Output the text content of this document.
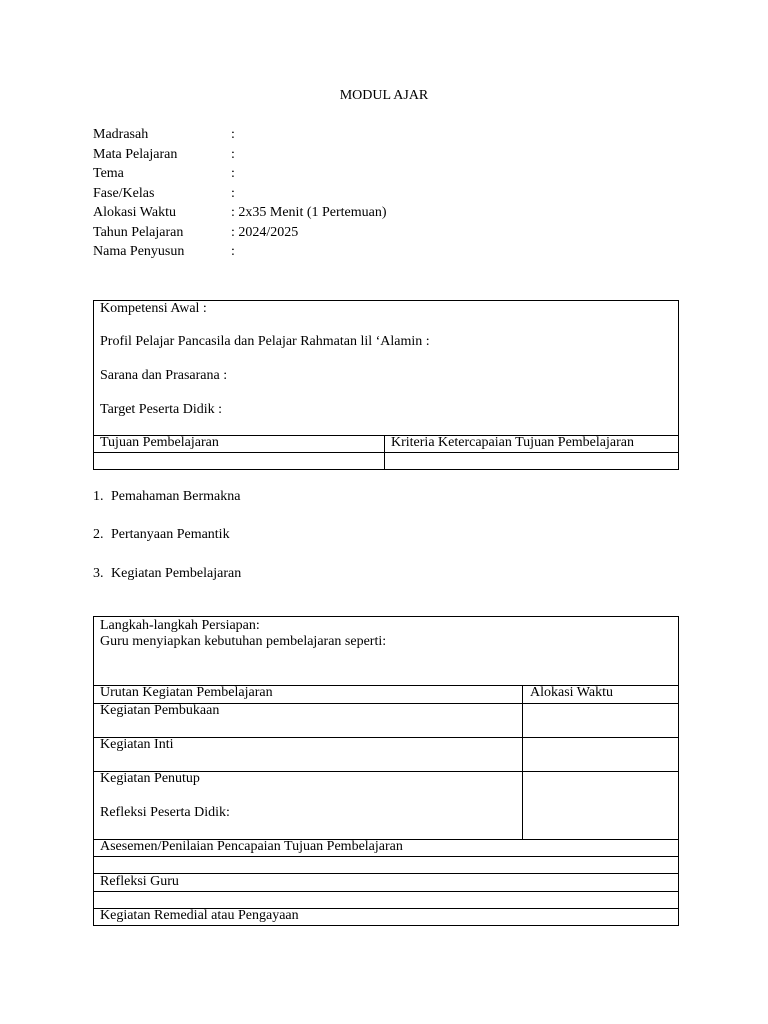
MODUL AJAR
Madrasah	:
Mata Pelajaran	:
Tema	:
Fase/Kelas	:
Alokasi Waktu	: 2x35 Menit (1 Pertemuan)
Tahun Pelajaran	: 2024/2025
Nama Penyusun	:
Kompetensi Awal :
Profil Pelajar Pancasila dan Pelajar Rahmatan lil ‘Alamin :
Sarana dan Prasarana :
Target Peserta Didik :
Tujuan Pembelajaran	Kriteria Ketercapaian Tujuan Pembelajaran
1. Pemahaman Bermakna
2. Pertanyaan Pemantik
3. Kegiatan Pembelajaran
Langkah-langkah Persiapan:
Guru menyiapkan kebutuhan pembelajaran seperti:
Urutan Kegiatan Pembelajaran	Alokasi Waktu
Kegiatan Pembukaan
Kegiatan Inti
Kegiatan Penutup
Refleksi Peserta Didik:
Asesemen/Penilaian Pencapaian Tujuan Pembelajaran
Refleksi Guru
Kegiatan Remedial atau Pengayaan
